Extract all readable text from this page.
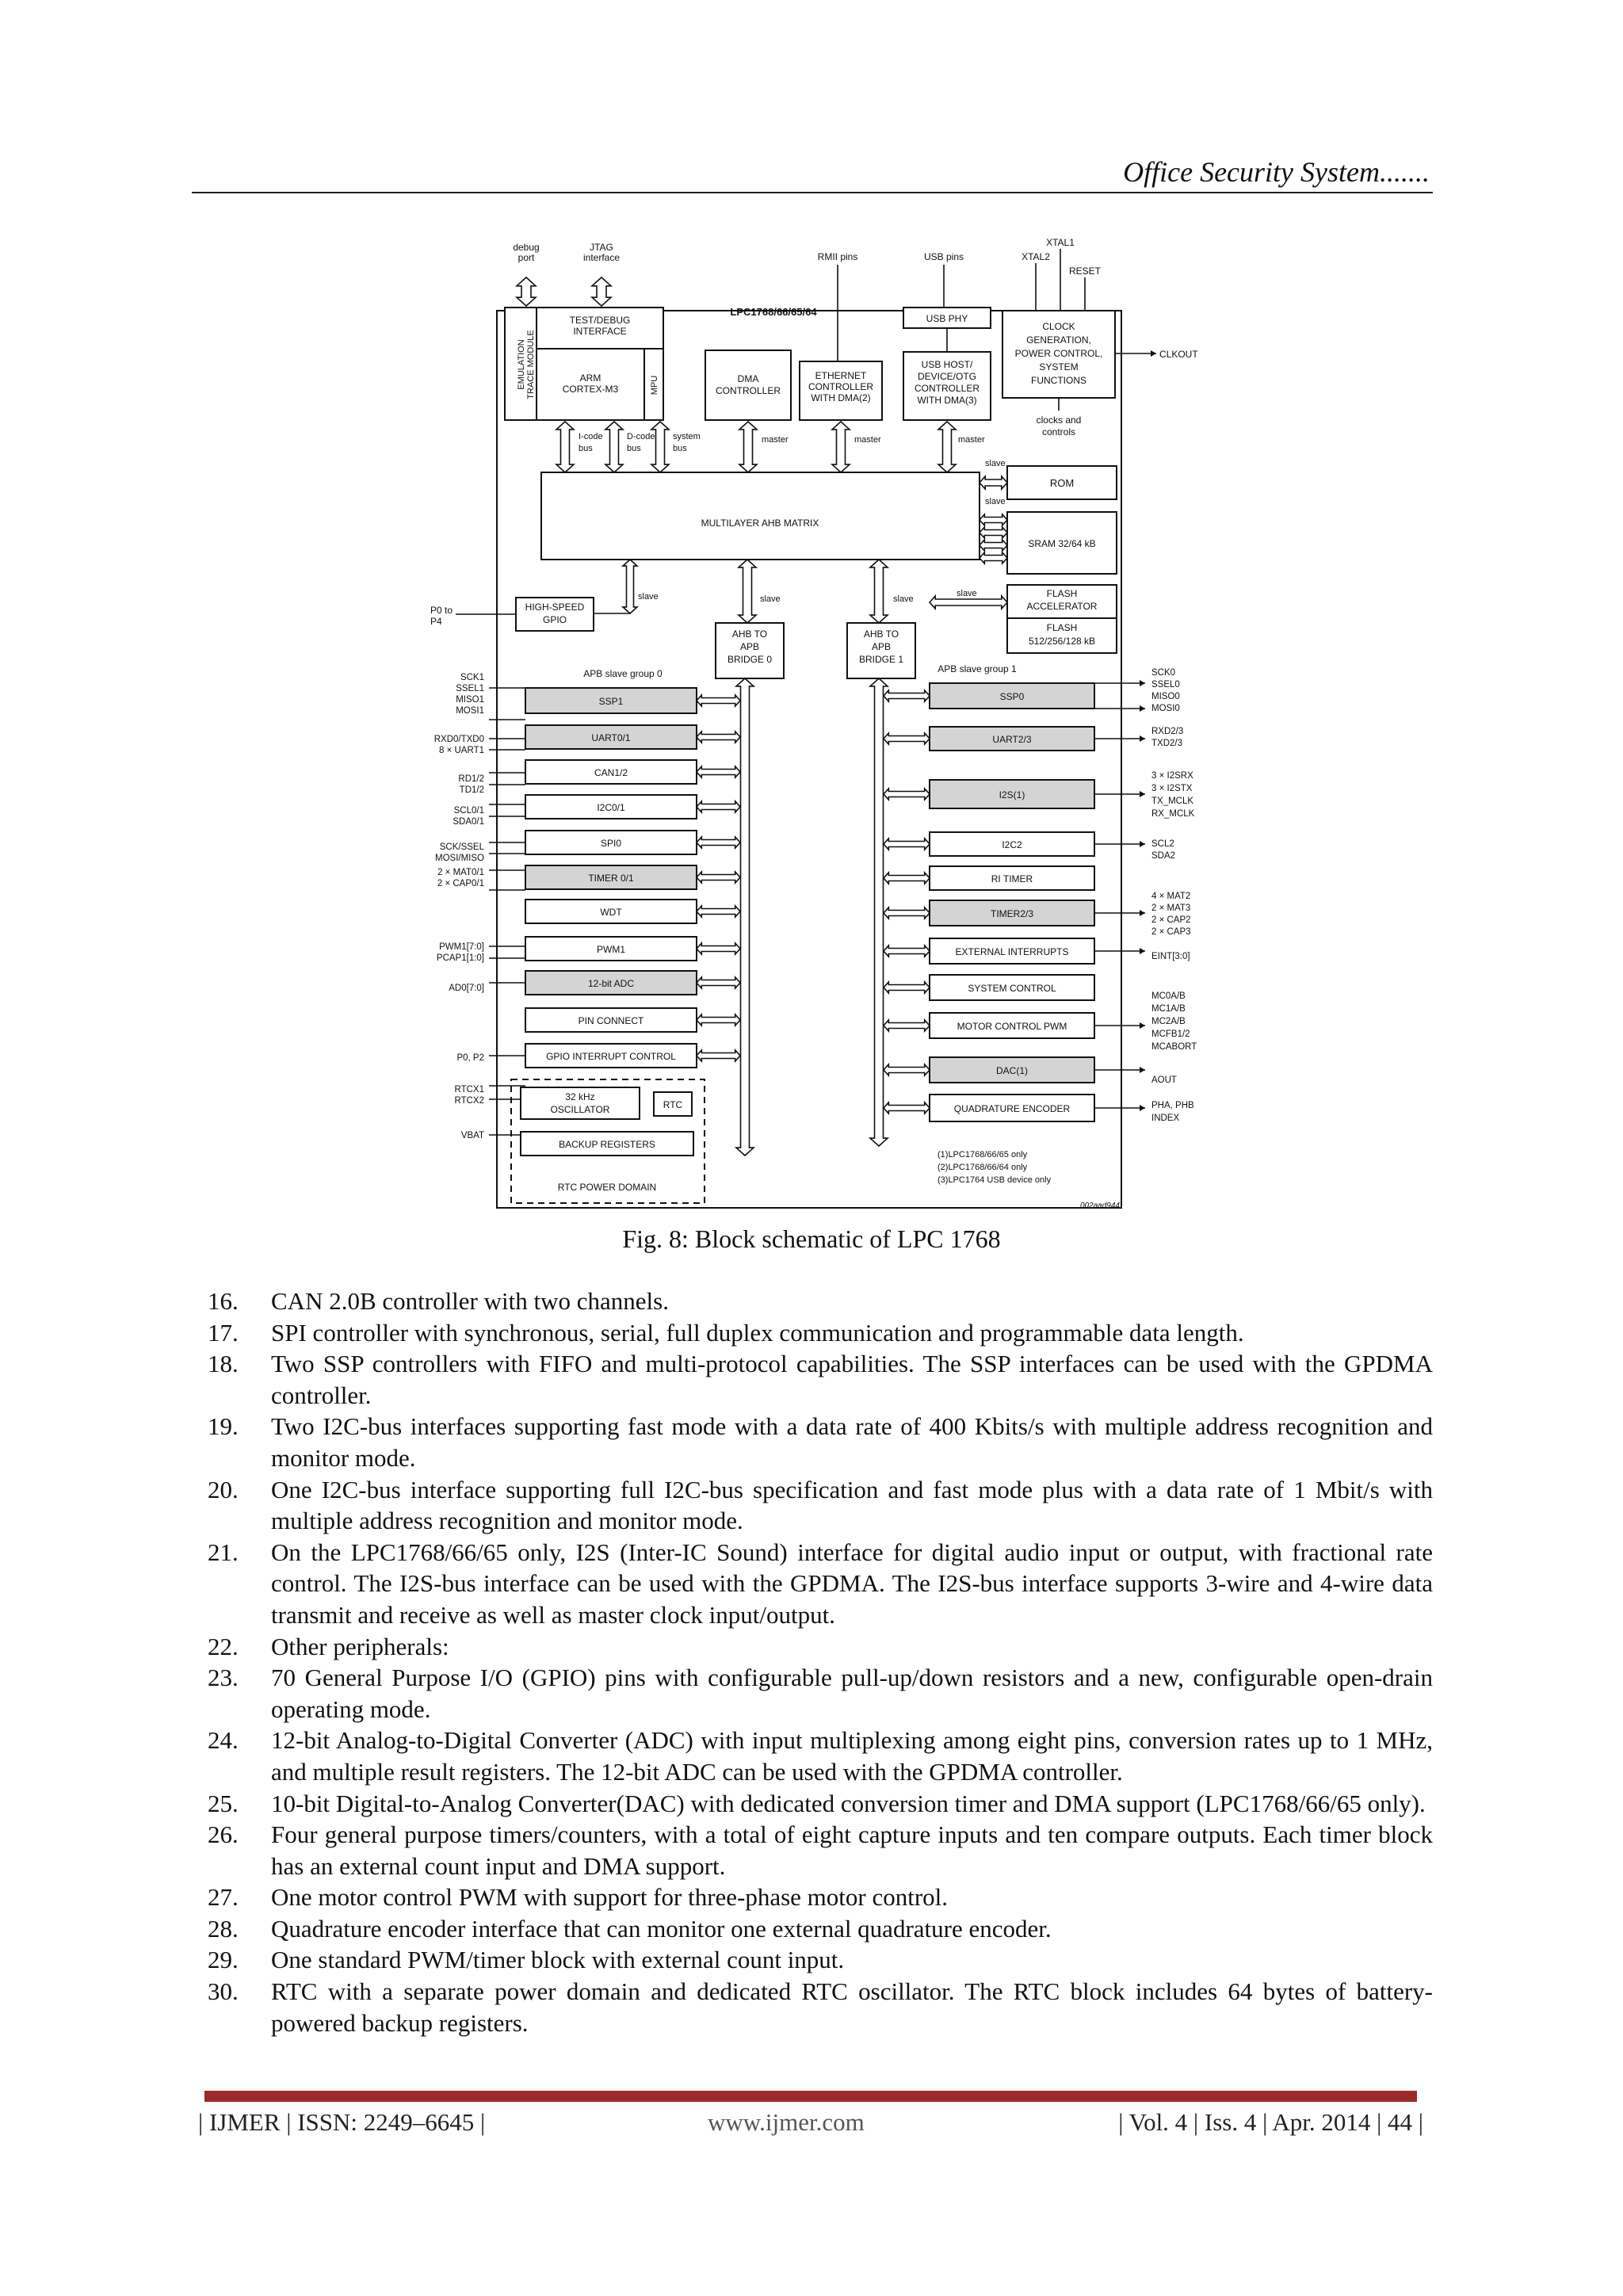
Office Security System.......
LPC1768/66/65/64
debug
port
JTAG
interface	RMII pins	USB pins
XTAL1
XTAL2
RESET
EMULATION TRACE MODULE
TEST/DEBUG
INTERFACE
ARM
CORTEX-M3	MPU	DMA
CONTROLLER
ETHERNET
CONTROLLER
WITH DMA(2)
USB PHY
USB HOST/
DEVICE/OTG
CONTROLLER
WITH DMA(3)
CLOCK
GENERATION,
POWER CONTROL,
SYSTEM
FUNCTIONS
CLKOUT
clocks and
controls
I-code
bus
D-code
bus
system
bus
master	master	master
MULTILAYER AHB MATRIX
slave
ROM
slave
SRAM 32/64 kB
FLASH
ACCELERATOR
FLASH
512/256/128 kB
slave
HIGH-SPEED
GPIO
slave
P0 to
P4
AHB TO
APB
BRIDGE 0
slave
AHB TO
APB
BRIDGE 1
slave
APB slave group 0	APB slave group 1
SSP1
UART0/1
CAN1/2
I2C0/1
SPI0
TIMER 0/1
WDT
PWM1
12-bit ADC
PIN CONNECT
GPIO INTERRUPT CONTROL
SSP0
UART2/3
I2S(1)
I2C2
RI TIMER
TIMER2/3
EXTERNAL INTERRUPTS
SYSTEM CONTROL
MOTOR CONTROL PWM
DAC(1)
QUADRATURE ENCODER
SCK1
SSEL1
MISO1
MOSI1
RXD0/TXD0
8 × UART1
RD1/2
TD1/2
SCL0/1
SDA0/1
SCK/SSEL
MOSI/MISO
2 × MAT0/1
2 × CAP0/1
PWM1[7:0]
PCAP1[1:0]
AD0[7:0]
P0, P2
RTCX1
RTCX2
VBAT
SCK0
SSEL0
MISO0
MOSI0
RXD2/3
TXD2/3
3 × I2SRX
3 × I2STX
TX_MCLK
RX_MCLK
SCL2
SDA2
4 × MAT2
2 × MAT3
2 × CAP2
2 × CAP3
EINT[3:0]
MC0A/B
MC1A/B
MC2A/B
MCFB1/2
MCABORT
AOUT
PHA, PHB
INDEX
32 kHz
OSCILLATOR	RTC
BACKUP REGISTERS
RTC POWER DOMAIN
(1)LPC1768/66/65 only
(2)LPC1768/66/64 only
(3)LPC1764 USB device only
002aad944
Fig. 8: Block schematic of LPC 1768
16. CAN 2.0B controller with two channels.
17. SPI controller with synchronous, serial, full duplex communication and programmable data length.
18. Two SSP controllers with FIFO and multi-protocol capabilities. The SSP interfaces can be used with the GPDMA controller.
19. Two I2C-bus interfaces supporting fast mode with a data rate of 400 Kbits/s with multiple address recognition and monitor mode.
20. One I2C-bus interface supporting full I2C-bus specification and fast mode plus with a data rate of 1 Mbit/s with multiple address recognition and monitor mode.
21. On the LPC1768/66/65 only, I2S (Inter-IC Sound) interface for digital audio input or output, with fractional rate control. The I2S-bus interface can be used with the GPDMA. The I2S-bus interface supports 3-wire and 4-wire data transmit and receive as well as master clock input/output.
22. Other peripherals:
23. 70 General Purpose I/O (GPIO) pins with configurable pull-up/down resistors and a new, configurable open-drain operating mode.
24. 12-bit Analog-to-Digital Converter (ADC) with input multiplexing among eight pins, conversion rates up to 1 MHz, and multiple result registers. The 12-bit ADC can be used with the GPDMA controller.
25. 10-bit Digital-to-Analog Converter(DAC) with dedicated conversion timer and DMA support (LPC1768/66/65 only).
26. Four general purpose timers/counters, with a total of eight capture inputs and ten compare outputs. Each timer block has an external count input and DMA support.
27. One motor control PWM with support for three-phase motor control.
28. Quadrature encoder interface that can monitor one external quadrature encoder.
29. One standard PWM/timer block with external count input.
30. RTC with a separate power domain and dedicated RTC oscillator. The RTC block includes 64 bytes of battery-powered backup registers.
| IJMER | ISSN: 2249–6645 |	www.ijmer.com	| Vol. 4 | Iss. 4 | Apr. 2014 | 44 |
